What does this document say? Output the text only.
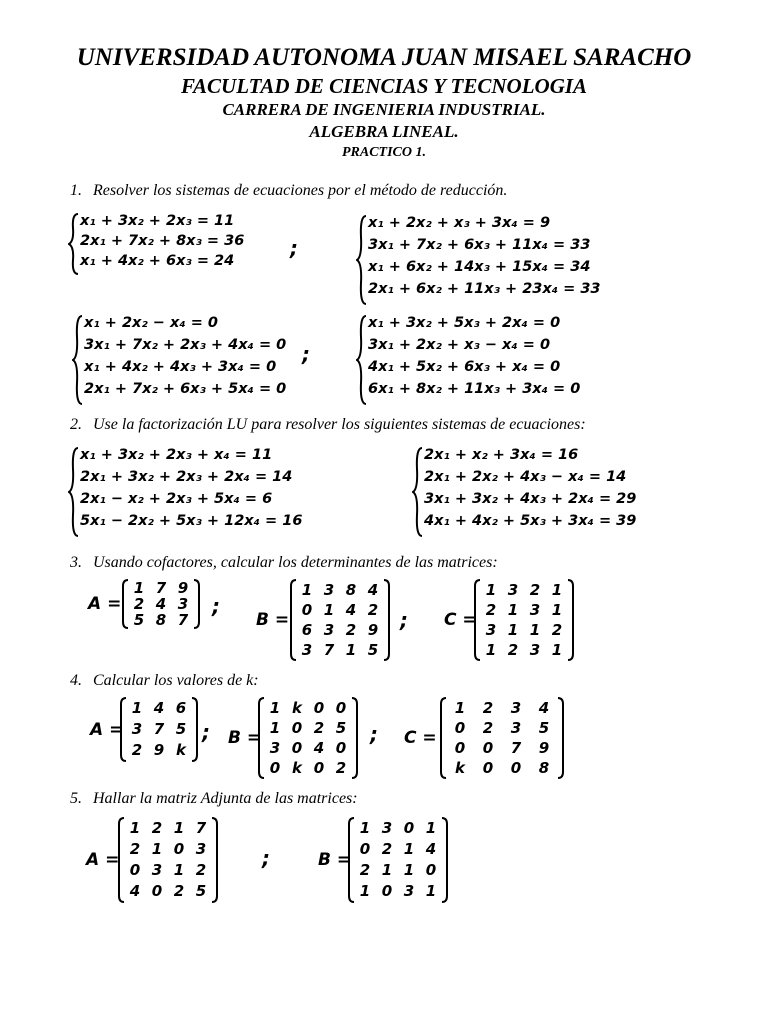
UNIVERSIDAD AUTONOMA JUAN MISAEL SARACHO
FACULTAD DE CIENCIAS Y TECNOLOGIA
CARRERA DE INGENIERIA INDUSTRIAL.
ALGEBRA LINEAL.
PRACTICO 1.
1. Resolver los sistemas de ecuaciones por el método de reducción.
x₁ + 3x₂ + 2x₃ = 11
2x₁ + 7x₂ + 8x₃ = 36
x₁ + 4x₂ + 6x₃ = 24
;
x₁ + 2x₂ + x₃ + 3x₄ = 9
3x₁ + 7x₂ + 6x₃ + 11x₄ = 33
x₁ + 6x₂ + 14x₃ + 15x₄ = 34
2x₁ + 6x₂ + 11x₃ + 23x₄ = 33
x₁ + 2x₂ − x₄ = 0
3x₁ + 7x₂ + 2x₃ + 4x₄ = 0
x₁ + 4x₂ + 4x₃ + 3x₄ = 0
2x₁ + 7x₂ + 6x₃ + 5x₄ = 0
;
x₁ + 3x₂ + 5x₃ + 2x₄ = 0
3x₁ + 2x₂ + x₃ − x₄ = 0
4x₁ + 5x₂ + 6x₃ + x₄ = 0
6x₁ + 8x₂ + 11x₃ + 3x₄ = 0
2. Use la factorización LU para resolver los siguientes sistemas de ecuaciones:
x₁ + 3x₂ + 2x₃ + x₄ = 11
2x₁ + 3x₂ + 2x₃ + 2x₄ = 14
2x₁ − x₂ + 2x₃ + 5x₄ = 6
5x₁ − 2x₂ + 5x₃ + 12x₄ = 16
2x₁ + x₂ + 3x₄ = 16
2x₁ + 2x₂ + 4x₃ − x₄ = 14
3x₁ + 3x₂ + 4x₃ + 2x₄ = 29
4x₁ + 4x₂ + 5x₃ + 3x₄ = 39
3. Usando cofactores, calcular los determinantes de las matrices:
A =
1 7 9
2 4 3
5 8 7
;
B =
1 3 8 4
0 1 4 2
6 3 2 9
3 7 1 5
; C =
1 3 2 1
2 1 3 1
3 1 1 2
1 2 3 1
4. Calcular los valores de k:
A =
1 4 6
3 7 5
2 9 k
; B =
1 k 0 0
1 0 2 5
3 0 4 0
0 k 0 2
; C =
1	2	3	4
0	2	3	5
0	0	7	9
k	0	0	8
5. Hallar la matriz Adjunta de las matrices:
A =
1 2 1 7
2 1 0 3
0 3 1 2
4 0 2 5
;	B =
1 3 0 1
0 2 1 4
2 1 1 0
1 0 3 1
